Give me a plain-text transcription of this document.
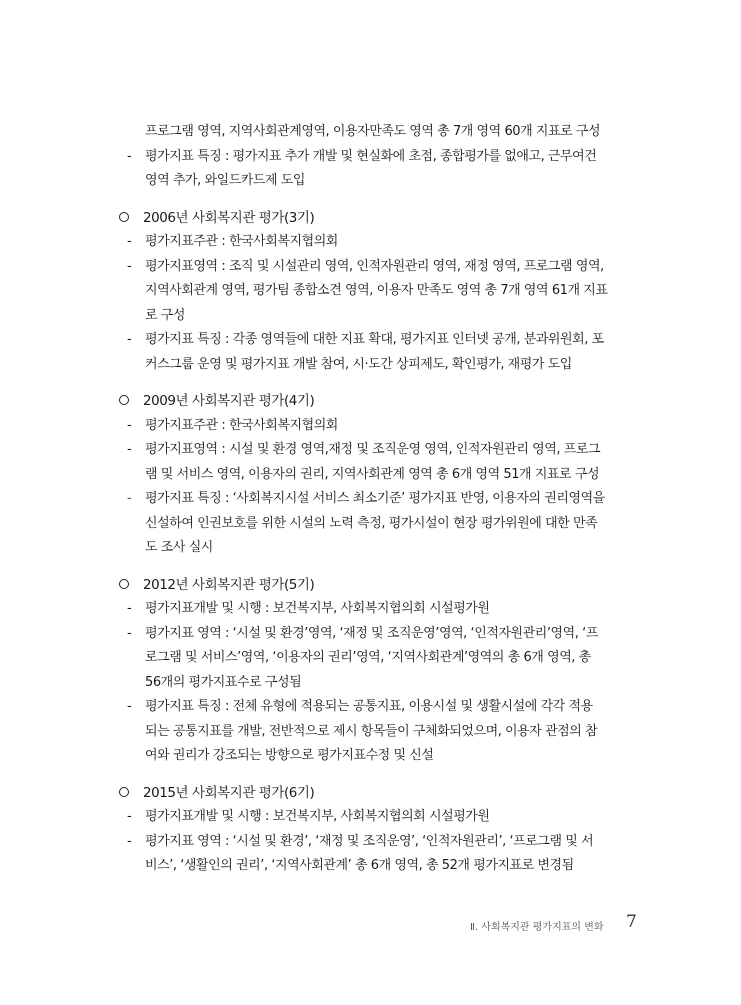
프로그램 영역, 지역사회관계영역, 이용자만족도 영역 총 7개 영역 60개 지표로 구성
- 평가지표 특징 : 평가지표 추가 개발 및 현실화에 초점, 종합평가를 없애고, 근무여건
영역 추가, 와일드카드제 도입
2006년 사회복지관 평가(3기)
- 평가지표주관 : 한국사회복지협의회
- 평가지표영역 : 조직 및 시설관리 영역, 인적자원관리 영역, 재정 영역, 프로그램 영역,
지역사회관계 영역, 평가팀 종합소견 영역, 이용자 만족도 영역 총 7개 영역 61개 지표
로 구성
- 평가지표 특징 : 각종 영역들에 대한 지표 확대, 평가지표 인터넷 공개, 분과위원회, 포
커스그룹 운영 및 평가지표 개발 참여, 시·도간 상피제도, 확인평가, 재평가 도입
2009년 사회복지관 평가(4기)
- 평가지표주관 : 한국사회복지협의회
- 평가지표영역 : 시설 및 환경 영역,재정 및 조직운영 영역, 인적자원관리 영역, 프로그
램 및 서비스 영역, 이용자의 권리, 지역사회관계 영역 총 6개 영역 51개 지표로 구성
- 평가지표 특징 : ‘사회복지시설 서비스 최소기준’ 평가지표 반영, 이용자의 권리영역을
신설하여 인권보호를 위한 시설의 노력 측정, 평가시설이 현장 평가위원에 대한 만족
도 조사 실시
2012년 사회복지관 평가(5기)
- 평가지표개발 및 시행 : 보건복지부, 사회복지협의회 시설평가원
- 평가지표 영역 : ‘시설 및 환경’영역, ‘재정 및 조직운영’영역, ‘인적자원관리’영역, ‘프
로그램 및 서비스’영역, ‘이용자의 권리’영역, ‘지역사회관계’영역의 총 6개 영역, 총
56개의 평가지표수로 구성됨
- 평가지표 특징 : 전체 유형에 적용되는 공통지표, 이용시설 및 생활시설에 각각 적용
되는 공통지표를 개발, 전반적으로 제시 항목들이 구체화되었으며, 이용자 관점의 참
여와 권리가 강조되는 방향으로 평가지표수정 및 신설
2015년 사회복지관 평가(6기)
- 평가지표개발 및 시행 : 보건복지부, 사회복지협의회 시설평가원
- 평가지표 영역 : ‘시설 및 환경’, ‘재정 및 조직운영’, ‘인적자원관리’, ‘프로그램 및 서
비스’, ‘생활인의 권리’, ‘지역사회관계’ 총 6개 영역, 총 52개 평가지표로 변경됨
Ⅱ. 사회복지관 평가지표의 변화 7
